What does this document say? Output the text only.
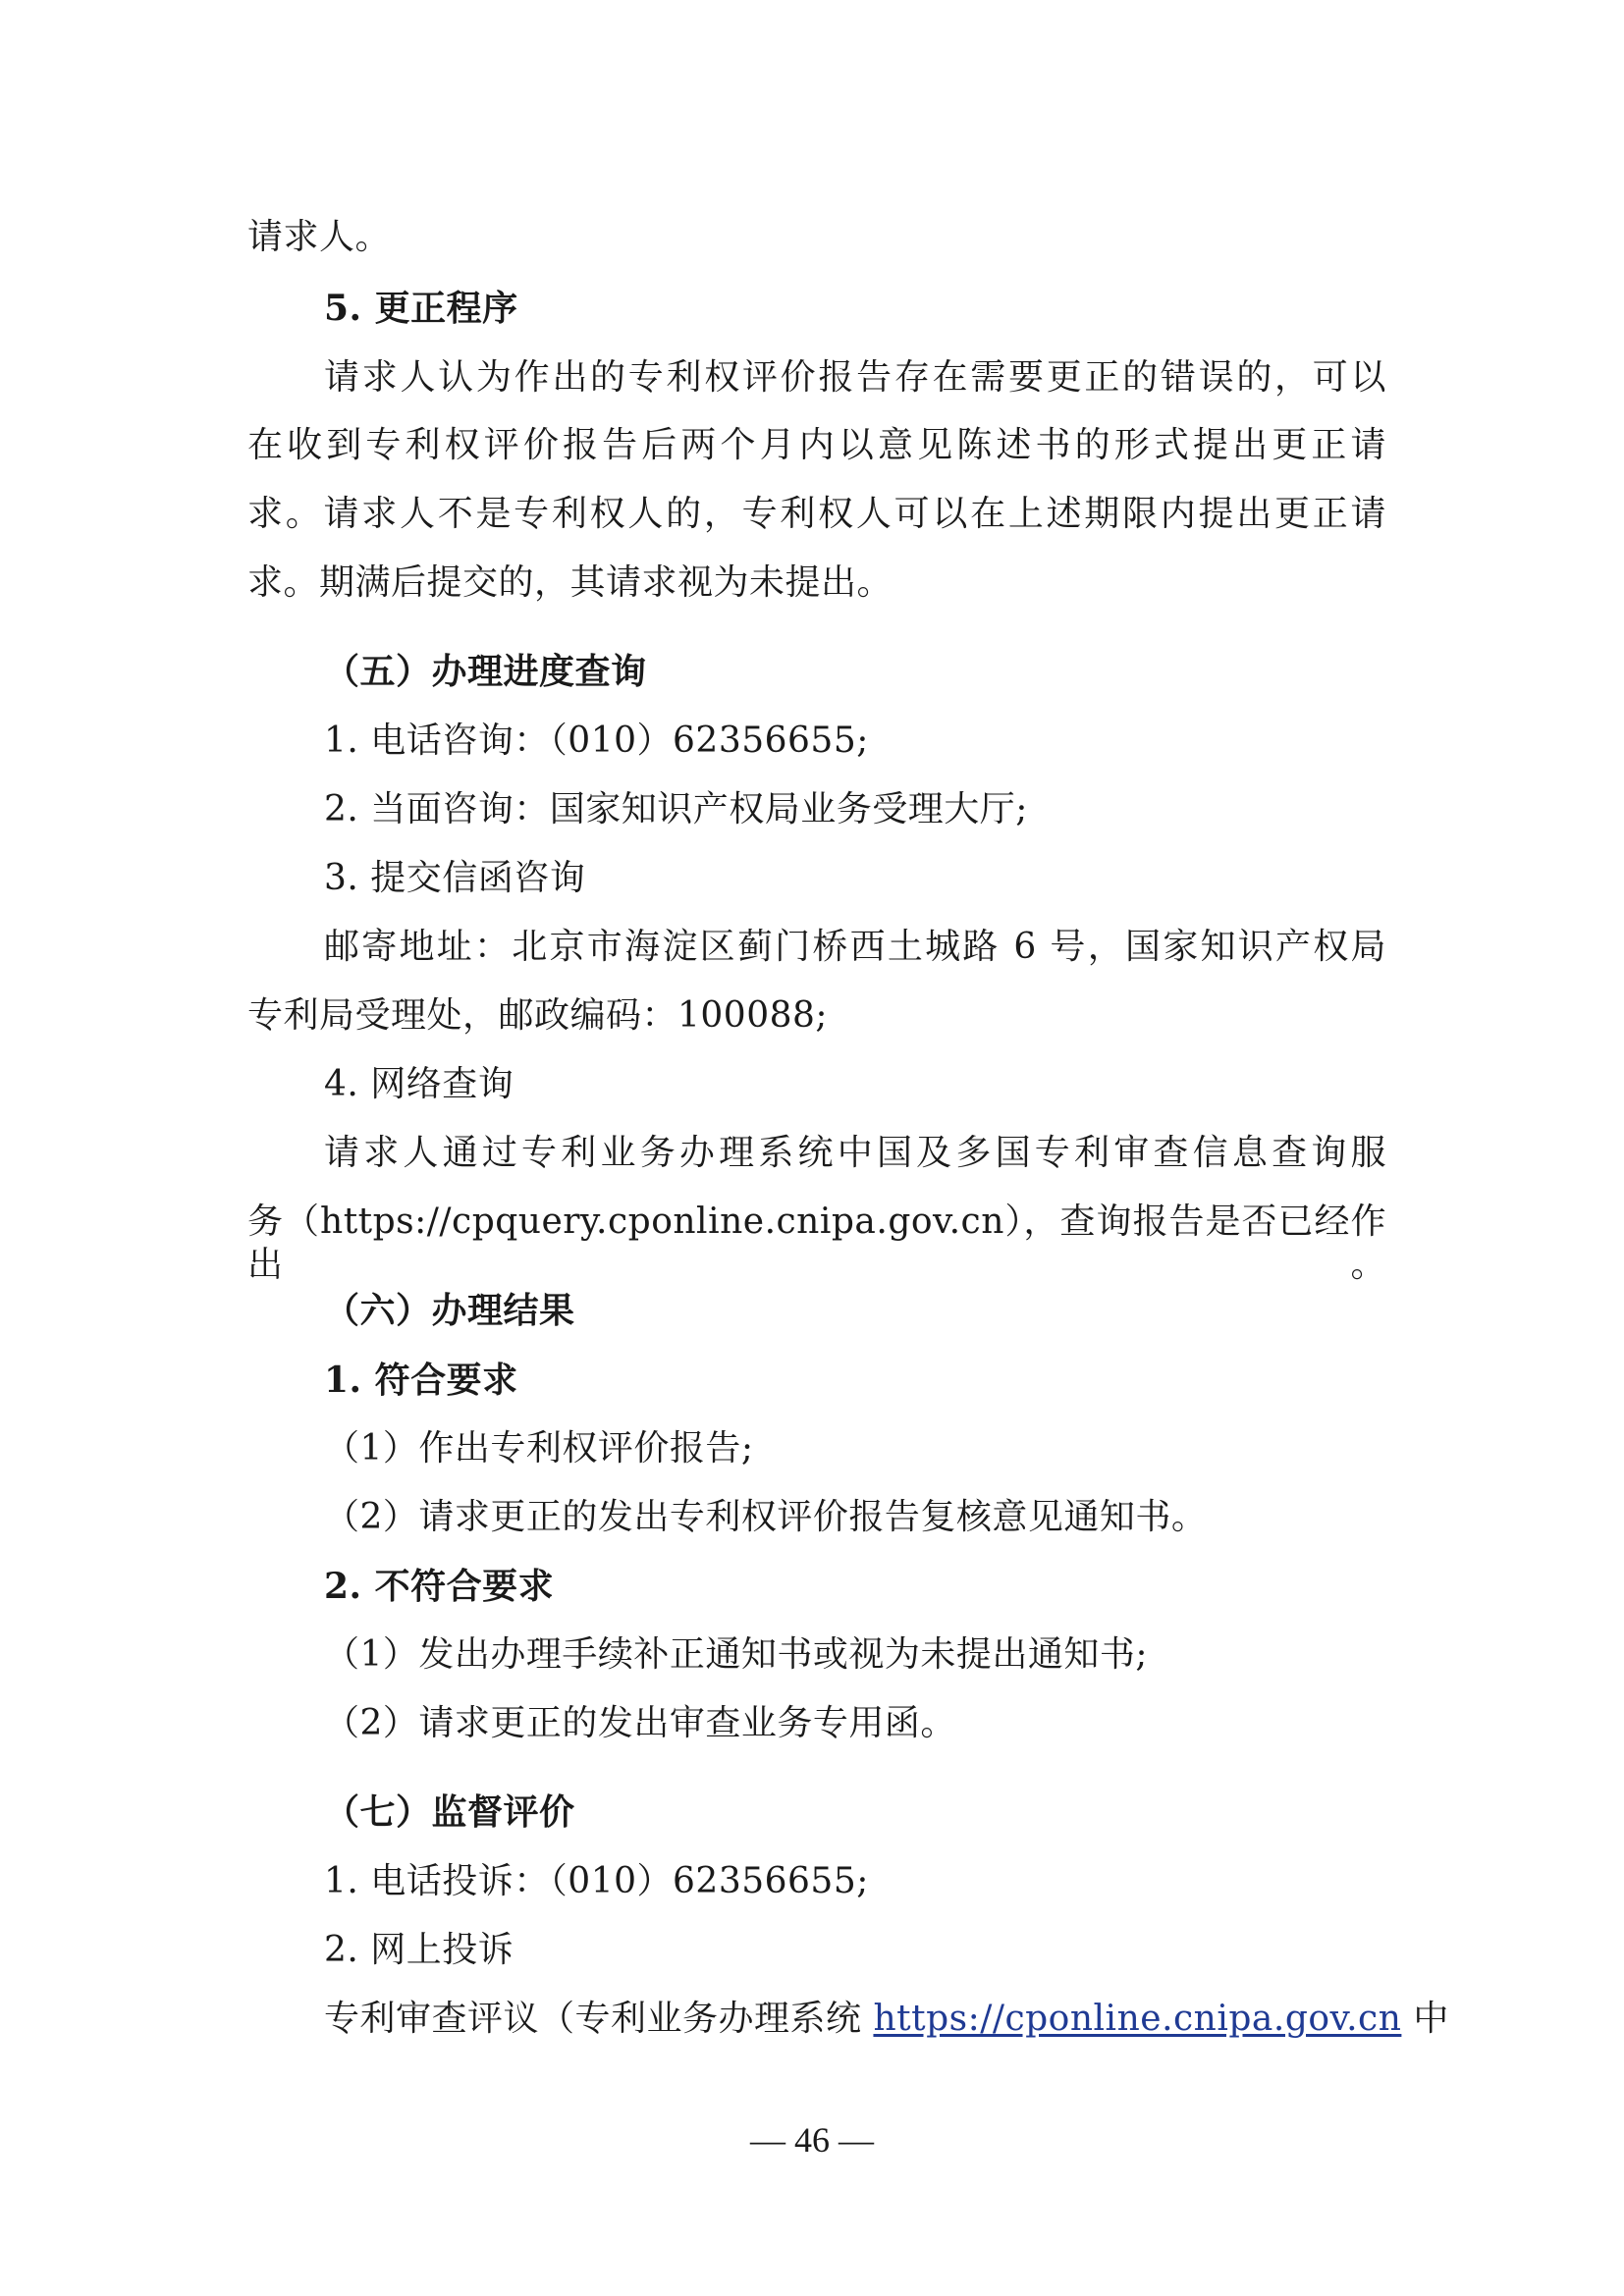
请求人。
5. 更正程序
请求人认为作出的专利权评价报告存在需要更正的错误的，可以
在收到专利权评价报告后两个月内以意见陈述书的形式提出更正请
求。请求人不是专利权人的，专利权人可以在上述期限内提出更正请
求。期满后提交的，其请求视为未提出。
（五）办理进度查询
1. 电话咨询：（010）62356655;
2. 当面咨询：国家知识产权局业务受理大厅;
3. 提交信函咨询
邮寄地址：北京市海淀区蓟门桥西土城路 6 号，国家知识产权局
专利局受理处，邮政编码：100088;
4. 网络查询
请求人通过专利业务办理系统中国及多国专利审查信息查询服
务（https://cpquery.cponline.cnipa.gov.cn），查询报告是否已经作出。
（六）办理结果
1. 符合要求
（1）作出专利权评价报告;
（2）请求更正的发出专利权评价报告复核意见通知书。
2. 不符合要求
（1）发出办理手续补正通知书或视为未提出通知书;
（2）请求更正的发出审查业务专用函。
（七）监督评价
1. 电话投诉：（010）62356655;
2. 网上投诉
专利审查评议（专利业务办理系统 https://cponline.cnipa.gov.cn 中
— 46 —
